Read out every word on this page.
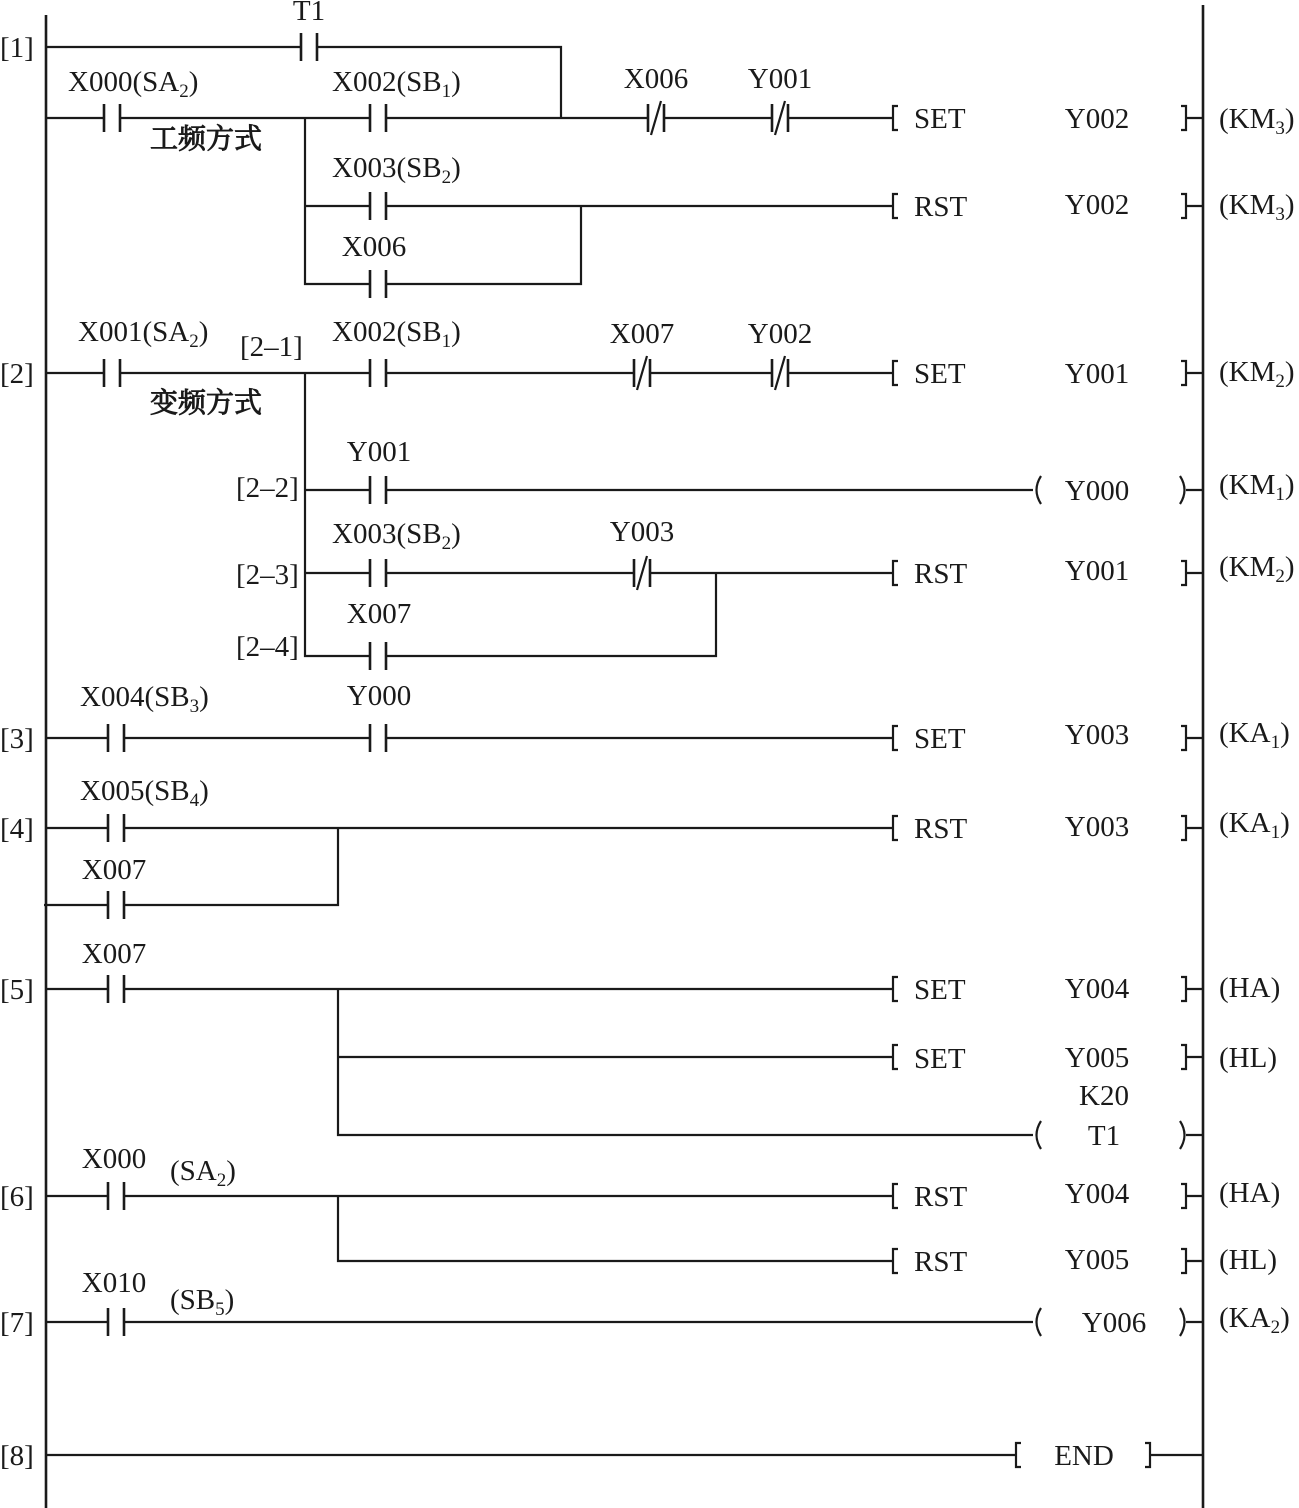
[1]
[2]
[3]
[4]
[5]
[6]
[7]
[8]
[2–1]
[2–2]
[2–3]
[2–4]
工频方式
变频方式
T1
$X000(SA_2)$	$X002(SB_1)$	X006 Y001
$X003(SB_2)$
X006
$X001(SA_2)$	$X002(SB_1)$	X007	Y002
Y001
$X003(SB_2)$	Y003
X007
$X004(SB_3)$	Y000
$X005(SB_4)$
X007
X007
X000 $(SA_2)$
X010
$(SB_5)$
SET	Y002	$(KM_3)$
RST	Y002	$(KM_3)$
SET	Y001	$(KM_2)$
Y000	$(KM_1)$
RST	Y001	$(KM_2)$
SET	Y003	$(KA_1)$
RST	Y003	$(KA_1)$
SET	Y004	(HA)
SET	Y005	(HL)
K20
T1
RST	Y004	(HA)
RST	Y005	(HL)
Y006	$(KA_2)$
END
